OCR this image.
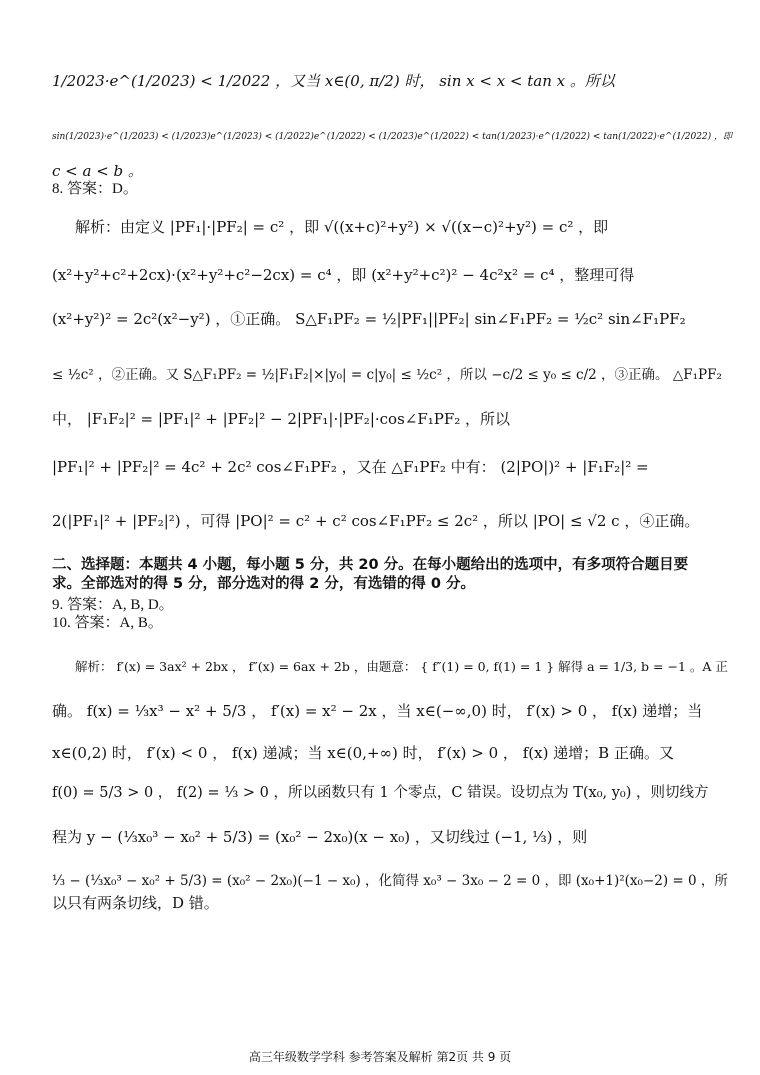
1/2023·e^(1/2023) < 1/2022 ，又当 x∈(0, π/2) 时， sin x < x < tan x 。所以
sin(1/2023)·e^(1/2023) < (1/2023)e^(1/2023) < (1/2022)e^(1/2022) < (1/2023)e^(1/2022) < tan(1/2023)·e^(1/2022) < tan(1/2022)·e^(1/2022) ，即
c < a < b 。
8. 答案：D。
解析：由定义 |PF₁|·|PF₂| = c² ，即 √((x+c)²+y²) × √((x−c)²+y²) = c² ，即
(x²+y²+c²+2cx)·(x²+y²+c²−2cx) = c⁴ ，即 (x²+y²+c²)² − 4c²x² = c⁴ ，整理可得
(x²+y²)² = 2c²(x²−y²) ，①正确。 S△F₁PF₂ = ½|PF₁||PF₂| sin∠F₁PF₂ = ½c² sin∠F₁PF₂
≤ ½c² ，②正确。又 S△F₁PF₂ = ½|F₁F₂|×|y₀| = c|y₀| ≤ ½c² ，所以 −c/2 ≤ y₀ ≤ c/2 ，③正确。 △F₁PF₂
中， |F₁F₂|² = |PF₁|² + |PF₂|² − 2|PF₁|·|PF₂|·cos∠F₁PF₂ ，所以
|PF₁|² + |PF₂|² = 4c² + 2c² cos∠F₁PF₂ ，又在 △F₁PF₂ 中有： (2|PO|)² + |F₁F₂|² =
2(|PF₁|² + |PF₂|²) ，可得 |PO|² = c² + c² cos∠F₁PF₂ ≤ 2c² ，所以 |PO| ≤ √2 c ，④正确。
二、选择题：本题共 4 小题，每小题 5 分，共 20 分。在每小题给出的选项中，有多项符合题目要
求。全部选对的得 5 分，部分选对的得 2 分，有选错的得 0 分。
9. 答案：A, B, D。
10. 答案：A, B。
解析： f′(x) = 3ax² + 2bx ， f″(x) = 6ax + 2b ，由题意： { f″(1) = 0, f(1) = 1 } 解得 a = 1/3, b = −1 。A 正
确。 f(x) = ⅓x³ − x² + 5/3 ， f′(x) = x² − 2x ，当 x∈(−∞,0) 时， f′(x) > 0 ， f(x) 递增；当
x∈(0,2) 时， f′(x) < 0 ， f(x) 递减；当 x∈(0,+∞) 时， f′(x) > 0 ， f(x) 递增；B 正确。又
f(0) = 5/3 > 0 ， f(2) = ⅓ > 0 ，所以函数只有 1 个零点，C 错误。设切点为 T(x₀, y₀) ，则切线方
程为 y − (⅓x₀³ − x₀² + 5/3) = (x₀² − 2x₀)(x − x₀) ，又切线过 (−1, ⅓) ，则
⅓ − (⅓x₀³ − x₀² + 5/3) = (x₀² − 2x₀)(−1 − x₀) ，化简得 x₀³ − 3x₀ − 2 = 0 ，即 (x₀+1)²(x₀−2) = 0 ，所
以只有两条切线，D 错。
高三年级数学学科 参考答案及解析 第2页 共 9 页
